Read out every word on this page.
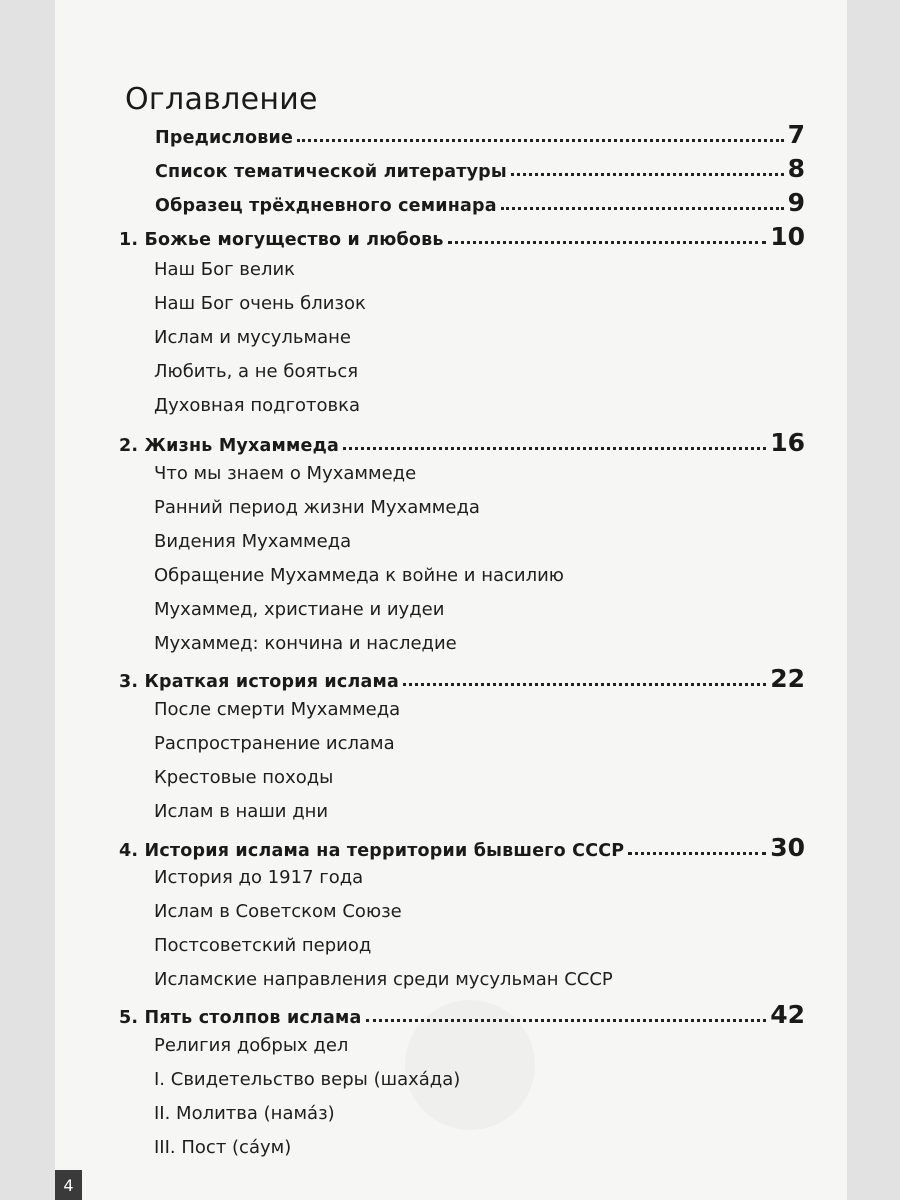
Оглавление
Предисловие	7
Список тематической литературы	8
Образец трёхдневного семинара	9
1. Божье могущество и любовь	10
Наш Бог велик
Наш Бог очень близок
Ислам и мусульмане
Любить, а не бояться
Духовная подготовка
2. Жизнь Мухаммеда	16
Что мы знаем о Мухаммеде
Ранний период жизни Мухаммеда
Видения Мухаммеда
Обращение Мухаммеда к войне и насилию
Мухаммед, христиане и иудеи
Мухаммед: кончина и наследие
3. Краткая история ислама	22
После смерти Мухаммеда
Распространение ислама
Крестовые походы
Ислам в наши дни
4. История ислама на территории бывшего СССР	30
История до 1917 года
Ислам в Советском Союзе
Постсоветский период
Исламские направления среди мусульман СССР
5. Пять столпов ислама	42
Религия добрых дел
I. Свидетельство веры (шаха́да)
II. Молитва (нама́з)
III. Пост (са́ум)
4
